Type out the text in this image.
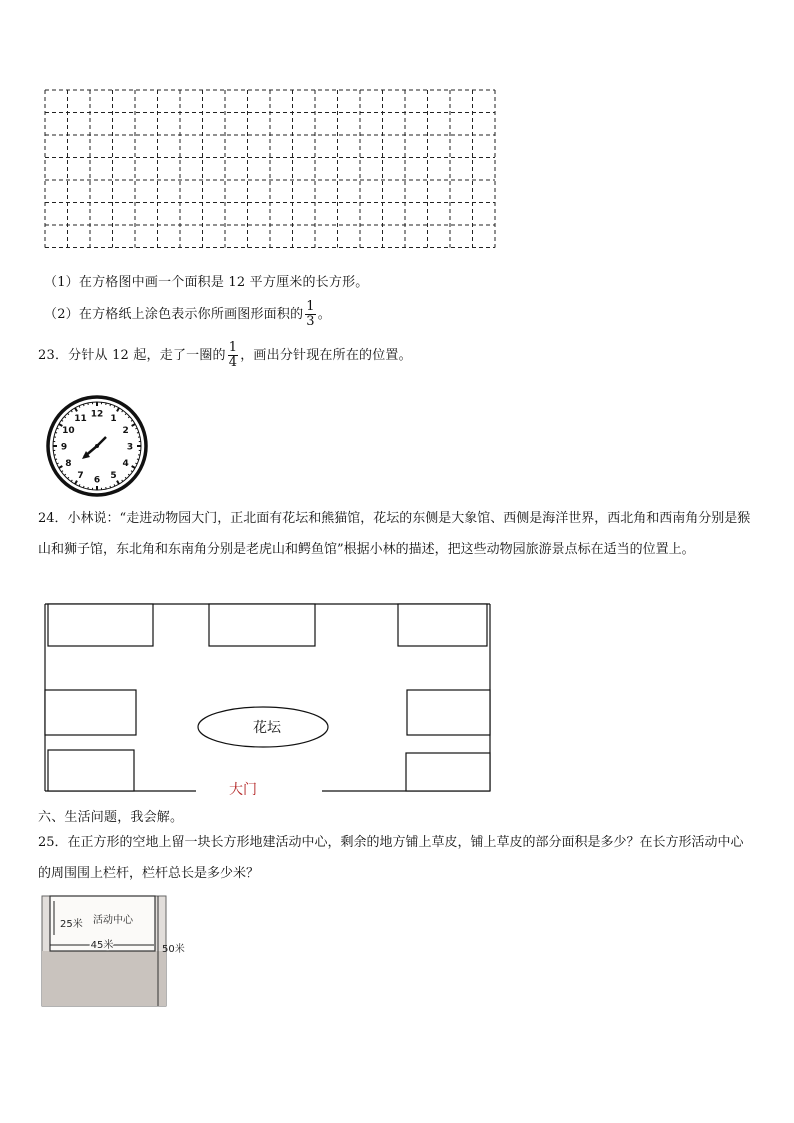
（1）在方格图中画一个面积是 12 平方厘米的长方形。
（2）在方格纸上涂色表示你所画图形面积的 $\frac{1}{3}$ 。
23．分针从 12 起，走了一圈的 $\frac{1}{4}$ ，画出分针现在所在的位置。
12 1
2
3
4
5
6
7
8
9
10
11
24．小林说：“走进动物园大门，正北面有花坛和熊猫馆，花坛的东侧是大象馆、西侧是海洋世界，西北角和西南角分别是猴山和狮子馆，东北角和东南角分别是老虎山和鳄鱼馆”根据小林的描述，把这些动物园旅游景点标在适当的位置上。
花坛
大门
六、生活问题，我会解。
25．在正方形的空地上留一块长方形地建活动中心，剩余的地方铺上草皮，铺上草皮的部分面积是多少？在长方形活动中心的周围围上栏杆，栏杆总长是多少米？
活动中心
25米
45米	50米
